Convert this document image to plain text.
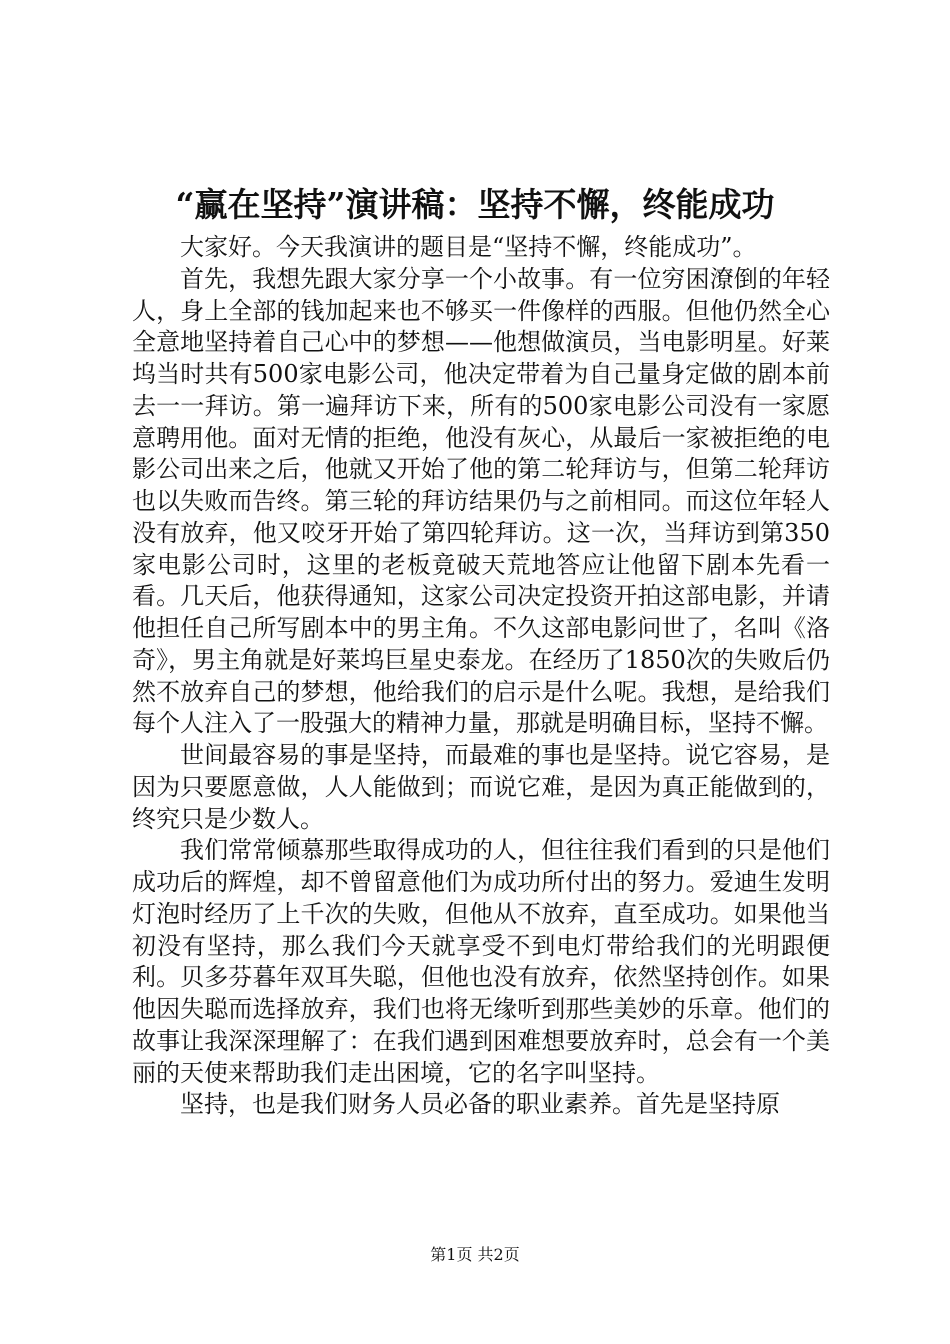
“赢在坚持”演讲稿：坚持不懈，终能成功

大家好。今天我演讲的题目是“坚持不懈，终能成功”。

首先，我想先跟大家分享一个小故事。有一位穷困潦倒的年轻人，身上全部的钱加起来也不够买一件像样的西服。但他仍然全心全意地坚持着自己心中的梦想——他想做演员，当电影明星。好莱坞当时共有500家电影公司，他决定带着为自己量身定做的剧本前去一一拜访。第一遍拜访下来，所有的500家电影公司没有一家愿意聘用他。面对无情的拒绝，他没有灰心，从最后一家被拒绝的电影公司出来之后，他就又开始了他的第二轮拜访与，但第二轮拜访也以失败而告终。第三轮的拜访结果仍与之前相同。而这位年轻人没有放弃，他又咬牙开始了第四轮拜访。这一次，当拜访到第350家电影公司时，这里的老板竟破天荒地答应让他留下剧本先看一看。几天后，他获得通知，这家公司决定投资开拍这部电影，并请他担任自己所写剧本中的男主角。不久这部电影问世了，名叫《洛奇》，男主角就是好莱坞巨星史泰龙。在经历了1850次的失败后仍然不放弃自己的梦想，他给我们的启示是什么呢。我想，是给我们每个人注入了一股强大的精神力量，那就是明确目标，坚持不懈。

世间最容易的事是坚持，而最难的事也是坚持。说它容易，是因为只要愿意做，人人能做到；而说它难，是因为真正能做到的，终究只是少数人。

我们常常倾慕那些取得成功的人，但往往我们看到的只是他们成功后的辉煌，却不曾留意他们为成功所付出的努力。爱迪生发明灯泡时经历了上千次的失败，但他从不放弃，直至成功。如果他当初没有坚持，那么我们今天就享受不到电灯带给我们的光明跟便利。贝多芬暮年双耳失聪，但他也没有放弃，依然坚持创作。如果他因失聪而选择放弃，我们也将无缘听到那些美妙的乐章。他们的故事让我深深理解了：在我们遇到困难想要放弃时，总会有一个美丽的天使来帮助我们走出困境，它的名字叫坚持。

坚持，也是我们财务人员必备的职业素养。首先是坚持原

第1页 共2页
